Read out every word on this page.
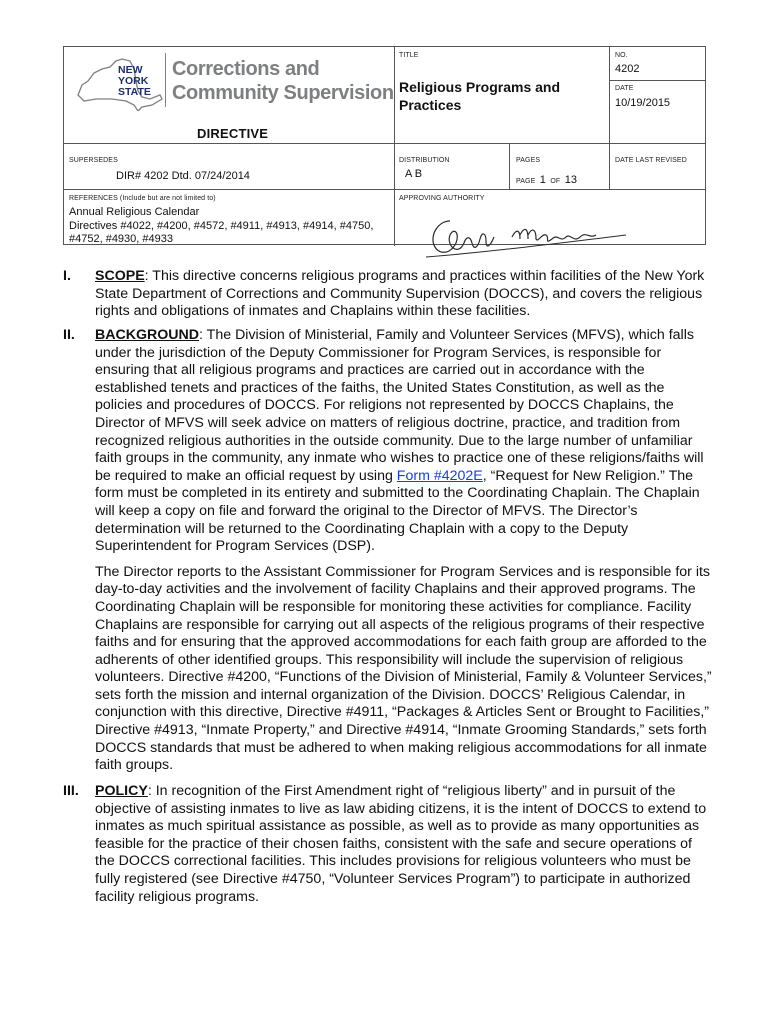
NEW
YORK
STATE
Corrections and
Community Supervision
DIRECTIVE
TITLE
Religious Programs and Practices
NO.
4202
DATE
10/19/2015
SUPERSEDES
DIR# 4202 Dtd. 07/24/2014
DISTRIBUTION
A B
PAGES
PAGE 1 OF 13
DATE LAST REVISED
REFERENCES (Include but are not limited to)
Annual Religious Calendar
Directives #4022, #4200, #4572, #4911, #4913, #4914, #4750,
#4752, #4930, #4933
APPROVING AUTHORITY
I. SCOPE: This directive concerns religious programs and practices within facilities of the New York State Department of Corrections and Community Supervision (DOCCS), and covers the religious rights and obligations of inmates and Chaplains within these facilities.
II. BACKGROUND: The Division of Ministerial, Family and Volunteer Services (MFVS), which falls under the jurisdiction of the Deputy Commissioner for Program Services, is responsible for ensuring that all religious programs and practices are carried out in accordance with the established tenets and practices of the faiths, the United States Constitution, as well as the policies and procedures of DOCCS. For religions not represented by DOCCS Chaplains, the Director of MFVS will seek advice on matters of religious doctrine, practice, and tradition from recognized religious authorities in the outside community. Due to the large number of unfamiliar faith groups in the community, any inmate who wishes to practice one of these religions/faiths will be required to make an official request by using Form #4202E, “Request for New Religion.” The form must be completed in its entirety and submitted to the Coordinating Chaplain. The Chaplain will keep a copy on file and forward the original to the Director of MFVS. The Director’s determination will be returned to the Coordinating Chaplain with a copy to the Deputy Superintendent for Program Services (DSP).

The Director reports to the Assistant Commissioner for Program Services and is responsible for its day-to-day activities and the involvement of facility Chaplains and their approved programs. The Coordinating Chaplain will be responsible for monitoring these activities for compliance. Facility Chaplains are responsible for carrying out all aspects of the religious programs of their respective faiths and for ensuring that the approved accommodations for each faith group are afforded to the adherents of other identified groups. This responsibility will include the supervision of religious volunteers. Directive #4200, “Functions of the Division of Ministerial, Family & Volunteer Services,” sets forth the mission and internal organization of the Division. DOCCS’ Religious Calendar, in conjunction with this directive, Directive #4911, “Packages & Articles Sent or Brought to Facilities,” Directive #4913, “Inmate Property,” and Directive #4914, “Inmate Grooming Standards,” sets forth DOCCS standards that must be adhered to when making religious accommodations for all inmate faith groups.

III. POLICY: In recognition of the First Amendment right of “religious liberty” and in pursuit of the objective of assisting inmates to live as law abiding citizens, it is the intent of DOCCS to extend to inmates as much spiritual assistance as possible, as well as to provide as many opportunities as feasible for the practice of their chosen faiths, consistent with the safe and secure operations of the DOCCS correctional facilities. This includes provisions for religious volunteers who must be fully registered (see Directive #4750, “Volunteer Services Program”) to participate in authorized facility religious programs.
